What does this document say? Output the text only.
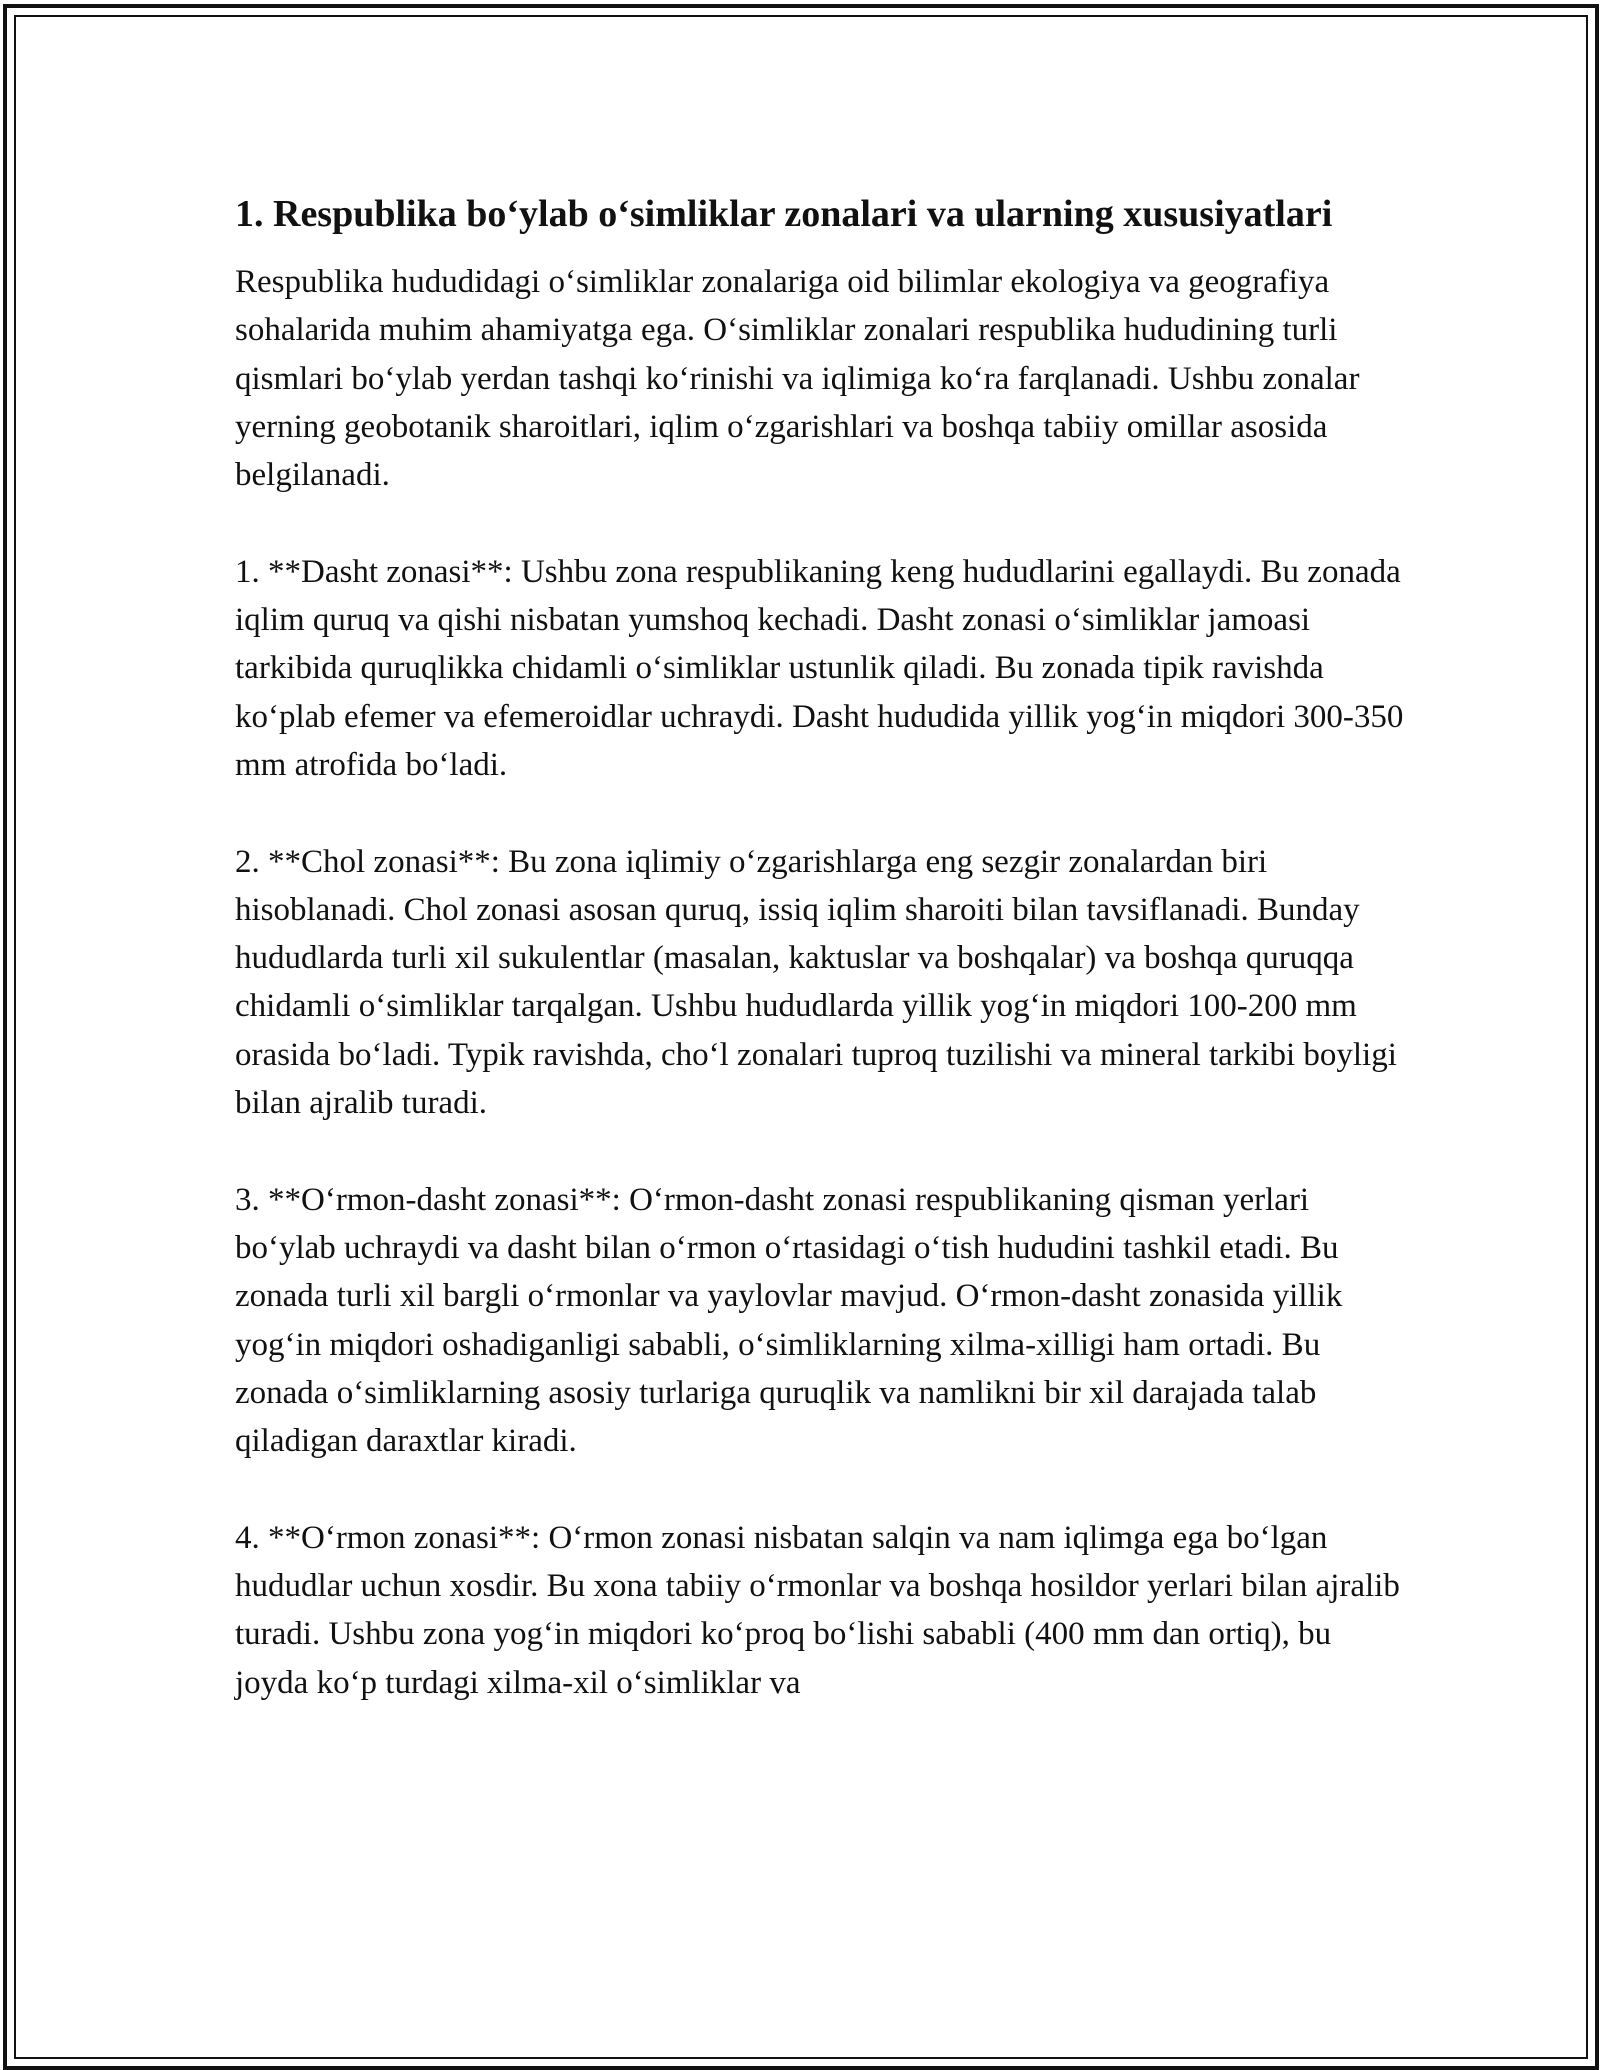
1. Respublika bo‘ylab o‘simliklar zonalari va ularning xususiyatlari

Respublika hududidagi o‘simliklar zonalariga oid bilimlar ekologiya va geografiya sohalarida muhim ahamiyatga ega. O‘simliklar zonalari respublika hududining turli qismlari bo‘ylab yerdan tashqi ko‘rinishi va iqlimiga ko‘ra farqlanadi. Ushbu zonalar yerning geobotanik sharoitlari, iqlim o‘zgarishlari va boshqa tabiiy omillar asosida belgilanadi.

1. **Dasht zonasi**: Ushbu zona respublikaning keng hududlarini egallaydi. Bu zonada iqlim quruq va qishi nisbatan yumshoq kechadi. Dasht zonasi o‘simliklar jamoasi tarkibida quruqlikka chidamli o‘simliklar ustunlik qiladi. Bu zonada tipik ravishda ko‘plab efemer va efemeroidlar uchraydi. Dasht hududida yillik yog‘in miqdori 300-350 mm atrofida bo‘ladi.

2. **Chol zonasi**: Bu zona iqlimiy o‘zgarishlarga eng sezgir zonalardan biri hisoblanadi. Chol zonasi asosan quruq, issiq iqlim sharoiti bilan tavsiflanadi. Bunday hududlarda turli xil sukulentlar (masalan, kaktuslar va boshqalar) va boshqa quruqqa chidamli o‘simliklar tarqalgan. Ushbu hududlarda yillik yog‘in miqdori 100-200 mm orasida bo‘ladi. Typik ravishda, cho‘l zonalari tuproq tuzilishi va mineral tarkibi boyligi bilan ajralib turadi.

3. **O‘rmon-dasht zonasi**: O‘rmon-dasht zonasi respublikaning qisman yerlari bo‘ylab uchraydi va dasht bilan o‘rmon o‘rtasidagi o‘tish hududini tashkil etadi. Bu zonada turli xil bargli o‘rmonlar va yaylovlar mavjud. O‘rmon-dasht zonasida yillik yog‘in miqdori oshadiganligi sababli, o‘simliklarning xilma-xilligi ham ortadi. Bu zonada o‘simliklarning asosiy turlariga quruqlik va namlikni bir xil darajada talab qiladigan daraxtlar kiradi.

4. **O‘rmon zonasi**: O‘rmon zonasi nisbatan salqin va nam iqlimga ega bo‘lgan hududlar uchun xosdir. Bu xona tabiiy o‘rmonlar va boshqa hosildor yerlari bilan ajralib turadi. Ushbu zona yog‘in miqdori ko‘proq bo‘lishi sababli (400 mm dan ortiq), bu joyda ko‘p turdagi xilma-xil o‘simliklar va
